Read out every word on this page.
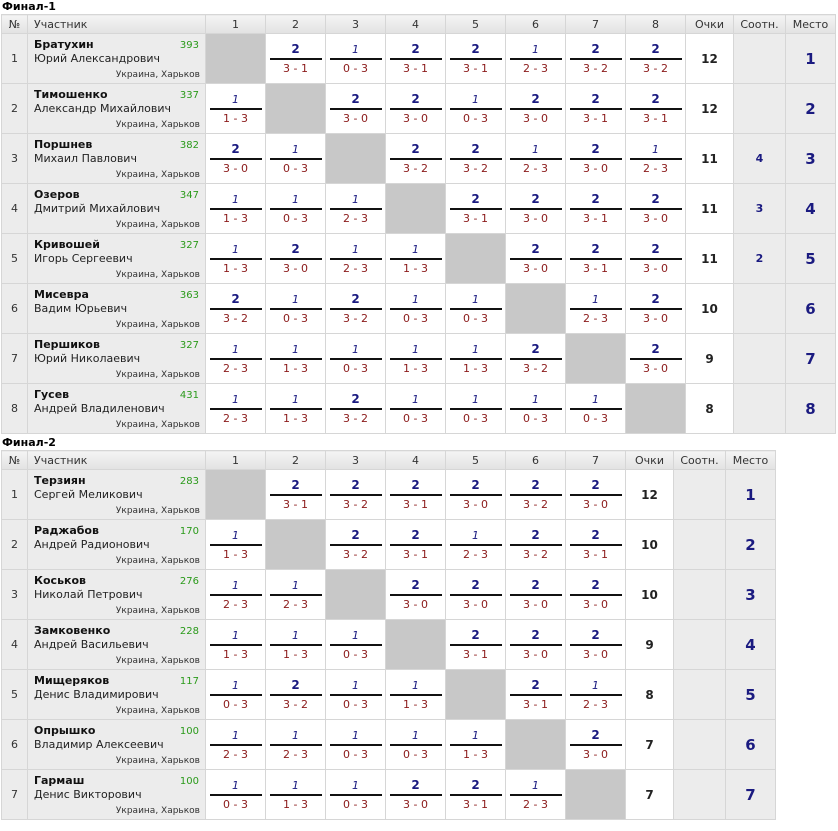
Финал-1
№	Участник	1	2	3	4	5	6	7	8	Очки	Соотн.	Место
1	Братухин
Юрий Александрович
393
Украина, Харьков		$\frac{2}{3 - 1}$	$\frac{1}{0 - 3}$	$\frac{2}{3 - 1}$	$\frac{2}{3 - 1}$	$\frac{1}{2 - 3}$	$\frac{2}{3 - 2}$	$\frac{2}{3 - 2}$	12		1
2	Тимошенко
Александр Михайлович
337
Украина, Харьков	$\frac{1}{1 - 3}$		$\frac{2}{3 - 0}$	$\frac{2}{3 - 0}$	$\frac{1}{0 - 3}$	$\frac{2}{3 - 0}$	$\frac{2}{3 - 1}$	$\frac{2}{3 - 1}$	12		2
3	Поршнев
Михаил Павлович
382
Украина, Харьков	$\frac{2}{3 - 0}$	$\frac{1}{0 - 3}$		$\frac{2}{3 - 2}$	$\frac{2}{3 - 2}$	$\frac{1}{2 - 3}$	$\frac{2}{3 - 0}$	$\frac{1}{2 - 3}$	11	4	3
4	Озеров
Дмитрий Михайлович
347
Украина, Харьков	$\frac{1}{1 - 3}$	$\frac{1}{0 - 3}$	$\frac{1}{2 - 3}$		$\frac{2}{3 - 1}$	$\frac{2}{3 - 0}$	$\frac{2}{3 - 1}$	$\frac{2}{3 - 0}$	11	3	4
5	Кривошей
Игорь Сергеевич
327
Украина, Харьков	$\frac{1}{1 - 3}$	$\frac{2}{3 - 0}$	$\frac{1}{2 - 3}$	$\frac{1}{1 - 3}$		$\frac{2}{3 - 0}$	$\frac{2}{3 - 1}$	$\frac{2}{3 - 0}$	11	2	5
6	Мисевра
Вадим Юрьевич
363
Украина, Харьков	$\frac{2}{3 - 2}$	$\frac{1}{0 - 3}$	$\frac{2}{3 - 2}$	$\frac{1}{0 - 3}$	$\frac{1}{0 - 3}$		$\frac{1}{2 - 3}$	$\frac{2}{3 - 0}$	10		6
7	Першиков
Юрий Николаевич
327
Украина, Харьков	$\frac{1}{2 - 3}$	$\frac{1}{1 - 3}$	$\frac{1}{0 - 3}$	$\frac{1}{1 - 3}$	$\frac{1}{1 - 3}$	$\frac{2}{3 - 2}$		$\frac{2}{3 - 0}$	9		7
8	Гусев
Андрей Владиленович
431
Украина, Харьков	$\frac{1}{2 - 3}$	$\frac{1}{1 - 3}$	$\frac{2}{3 - 2}$	$\frac{1}{0 - 3}$	$\frac{1}{0 - 3}$	$\frac{1}{0 - 3}$	$\frac{1}{0 - 3}$		8		8
Финал-2
№	Участник	1	2	3	4	5	6	7	Очки	Соотн.	Место
1	Терзиян
Сергей Меликович
283
Украина, Харьков		$\frac{2}{3 - 1}$	$\frac{2}{3 - 2}$	$\frac{2}{3 - 1}$	$\frac{2}{3 - 0}$	$\frac{2}{3 - 2}$	$\frac{2}{3 - 0}$	12		1
2	Раджабов
Андрей Радионович
170
Украина, Харьков	$\frac{1}{1 - 3}$		$\frac{2}{3 - 2}$	$\frac{2}{3 - 1}$	$\frac{1}{2 - 3}$	$\frac{2}{3 - 2}$	$\frac{2}{3 - 1}$	10		2
3	Коськов
Николай Петрович
276
Украина, Харьков	$\frac{1}{2 - 3}$	$\frac{1}{2 - 3}$		$\frac{2}{3 - 0}$	$\frac{2}{3 - 0}$	$\frac{2}{3 - 0}$	$\frac{2}{3 - 0}$	10		3
4	Замковенко
Андрей Васильевич
228
Украина, Харьков	$\frac{1}{1 - 3}$	$\frac{1}{1 - 3}$	$\frac{1}{0 - 3}$		$\frac{2}{3 - 1}$	$\frac{2}{3 - 0}$	$\frac{2}{3 - 0}$	9		4
5	Мищеряков
Денис Владимирович
117
Украина, Харьков	$\frac{1}{0 - 3}$	$\frac{2}{3 - 2}$	$\frac{1}{0 - 3}$	$\frac{1}{1 - 3}$		$\frac{2}{3 - 1}$	$\frac{1}{2 - 3}$	8		5
6	Опрышко
Владимир Алексеевич
100
Украина, Харьков	$\frac{1}{2 - 3}$	$\frac{1}{2 - 3}$	$\frac{1}{0 - 3}$	$\frac{1}{0 - 3}$	$\frac{1}{1 - 3}$		$\frac{2}{3 - 0}$	7		6
7	Гармаш
Денис Викторович
100
Украина, Харьков	$\frac{1}{0 - 3}$	$\frac{1}{1 - 3}$	$\frac{1}{0 - 3}$	$\frac{2}{3 - 0}$	$\frac{2}{3 - 1}$	$\frac{1}{2 - 3}$		7		7
